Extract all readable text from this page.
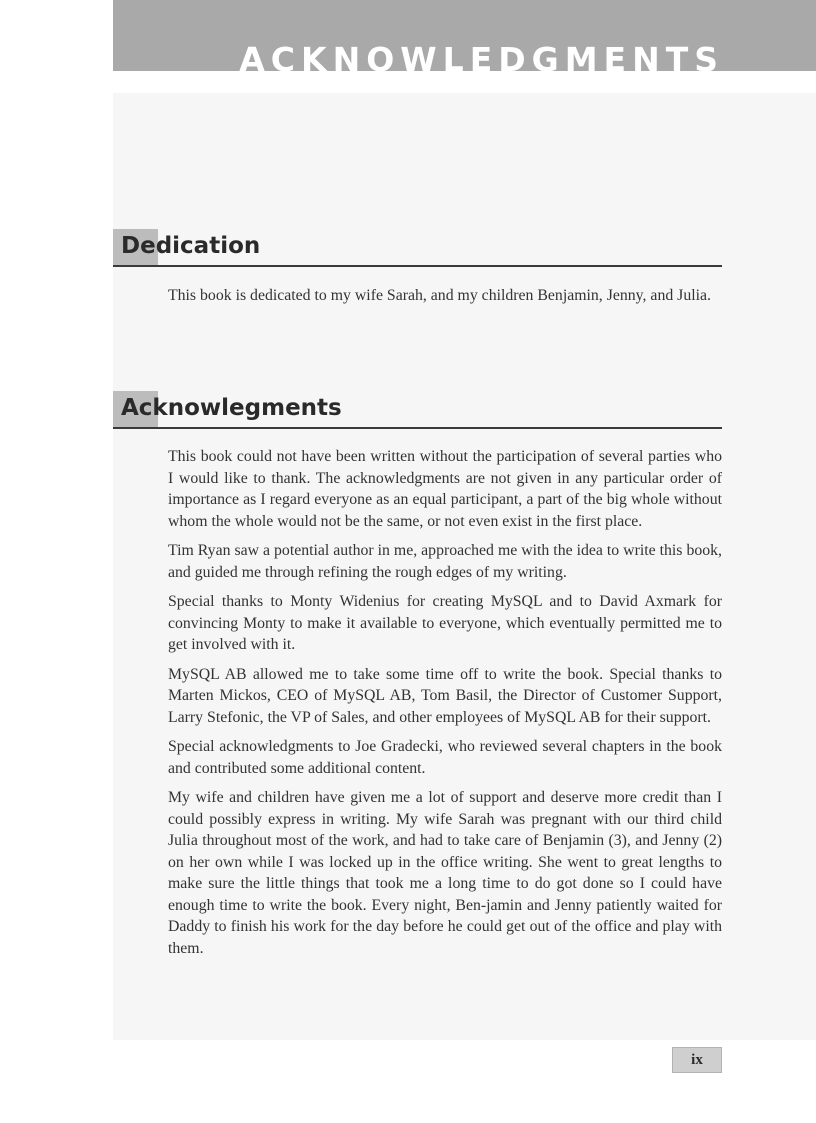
ACKNOWLEDGMENTS
Dedication

This book is dedicated to my wife Sarah, and my children Benjamin, Jenny, and Julia.

Acknowlegments

This book could not have been written without the participation of several parties who I would like to thank. The acknowledgments are not given in any particular order of importance as I regard everyone as an equal participant, a part of the big whole without whom the whole would not be the same, or not even exist in the first place.

Tim Ryan saw a potential author in me, approached me with the idea to write this book, and guided me through refining the rough edges of my writing.

Special thanks to Monty Widenius for creating MySQL and to David Axmark for convincing Monty to make it available to everyone, which eventually permitted me to get involved with it.

MySQL AB allowed me to take some time off to write the book. Special thanks to Marten Mickos, CEO of MySQL AB, Tom Basil, the Director of Customer Support, Larry Stefonic, the VP of Sales, and other employees of MySQL AB for their support.

Special acknowledgments to Joe Gradecki, who reviewed several chapters in the book and contributed some additional content.

My wife and children have given me a lot of support and deserve more credit than I could possibly express in writing. My wife Sarah was pregnant with our third child Julia throughout most of the work, and had to take care of Benjamin (3), and Jenny (2) on her own while I was locked up in the office writing. She went to great lengths to make sure the little things that took me a long time to do got done so I could have enough time to write the book. Every night, Ben-jamin and Jenny patiently waited for Daddy to finish his work for the day before he could get out of the office and play with them.

ix
